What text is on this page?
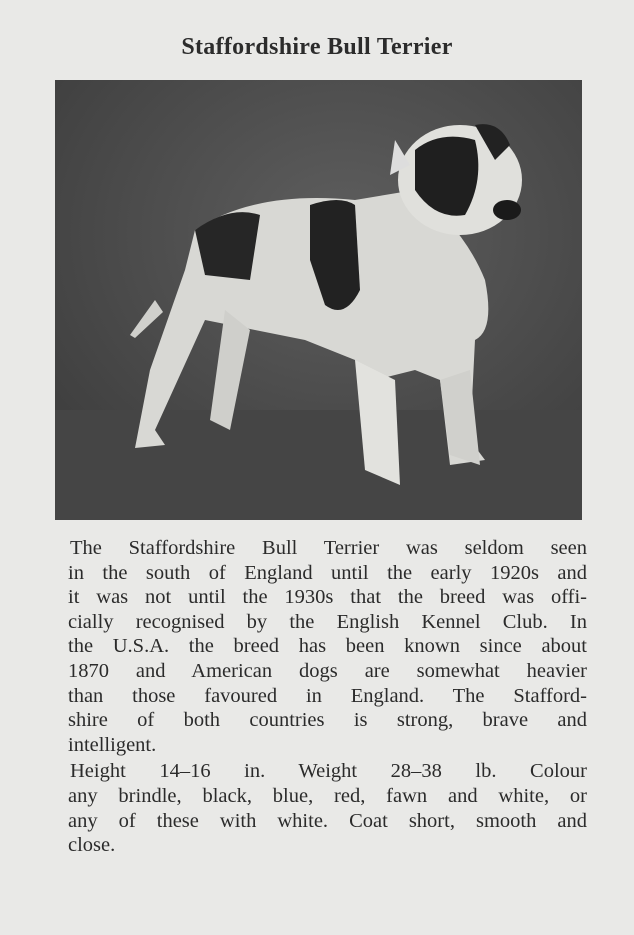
Staffordshire Bull Terrier
The Staffordshire Bull Terrier was seldom seen
in the south of England until the early 1920s and
it was not until the 1930s that the breed was offi-
cially recognised by the English Kennel Club. In
the U.S.A. the breed has been known since about
1870 and American dogs are somewhat heavier
than those favoured in England. The Stafford-
shire of both countries is strong, brave and
intelligent.
Height 14–16 in. Weight 28–38 lb. Colour
any brindle, black, blue, red, fawn and white, or
any of these with white. Coat short, smooth and
close.
